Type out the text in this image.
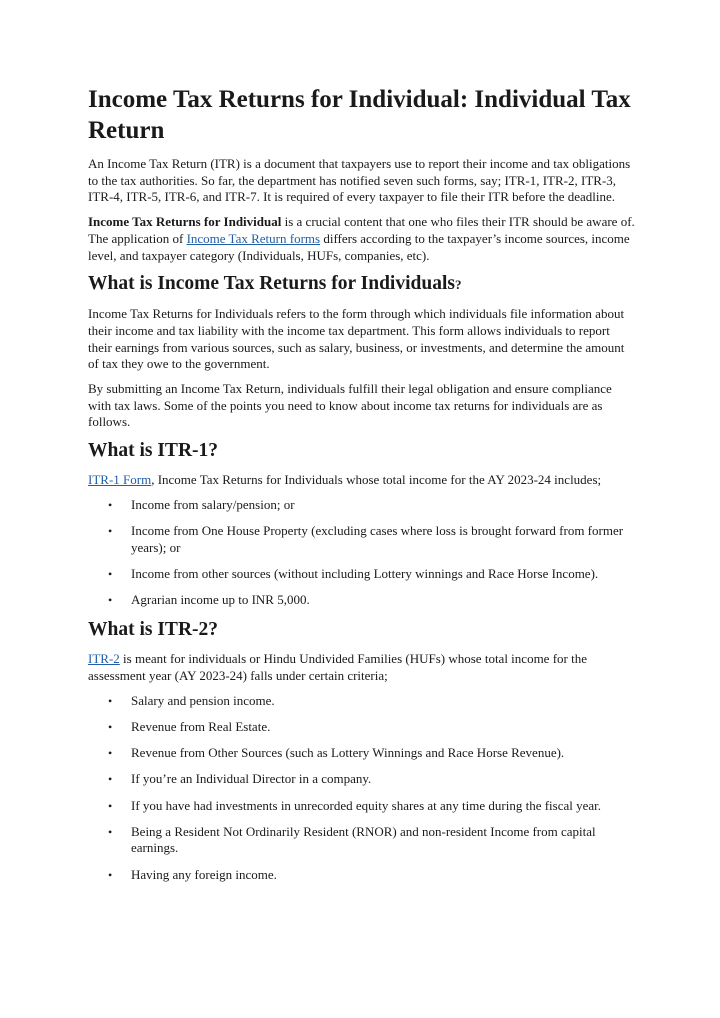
Income Tax Returns for Individual: Individual Tax Return

An Income Tax Return (ITR) is a document that taxpayers use to report their income and tax obligations to the tax authorities. So far, the department has notified seven such forms, say; ITR-1, ITR-2, ITR-3, ITR-4, ITR-5, ITR-6, and ITR-7. It is required of every taxpayer to file their ITR before the deadline.

Income Tax Returns for Individual is a crucial content that one who files their ITR should be aware of. The application of Income Tax Return forms differs according to the taxpayer’s income sources, income level, and taxpayer category (Individuals, HUFs, companies, etc).

What is Income Tax Returns for Individuals?

Income Tax Returns for Individuals refers to the form through which individuals file information about their income and tax liability with the income tax department. This form allows individuals to report their earnings from various sources, such as salary, business, or investments, and determine the amount of tax they owe to the government.

By submitting an Income Tax Return, individuals fulfill their legal obligation and ensure compliance with tax laws. Some of the points you need to know about income tax returns for individuals are as follows.

What is ITR-1?

ITR-1 Form, Income Tax Returns for Individuals whose total income for the AY 2023-24 includes;

• Income from salary/pension; or
• Income from One House Property (excluding cases where loss is brought forward from former years); or
• Income from other sources (without including Lottery winnings and Race Horse Income).
• Agrarian income up to INR 5,000.
What is ITR-2?

ITR-2 is meant for individuals or Hindu Undivided Families (HUFs) whose total income for the assessment year (AY 2023-24) falls under certain criteria;

• Salary and pension income.
• Revenue from Real Estate.
• Revenue from Other Sources (such as Lottery Winnings and Race Horse Revenue).
• If you’re an Individual Director in a company.
• If you have had investments in unrecorded equity shares at any time during the fiscal year.
• Being a Resident Not Ordinarily Resident (RNOR) and non-resident Income from capital earnings.
• Having any foreign income.
